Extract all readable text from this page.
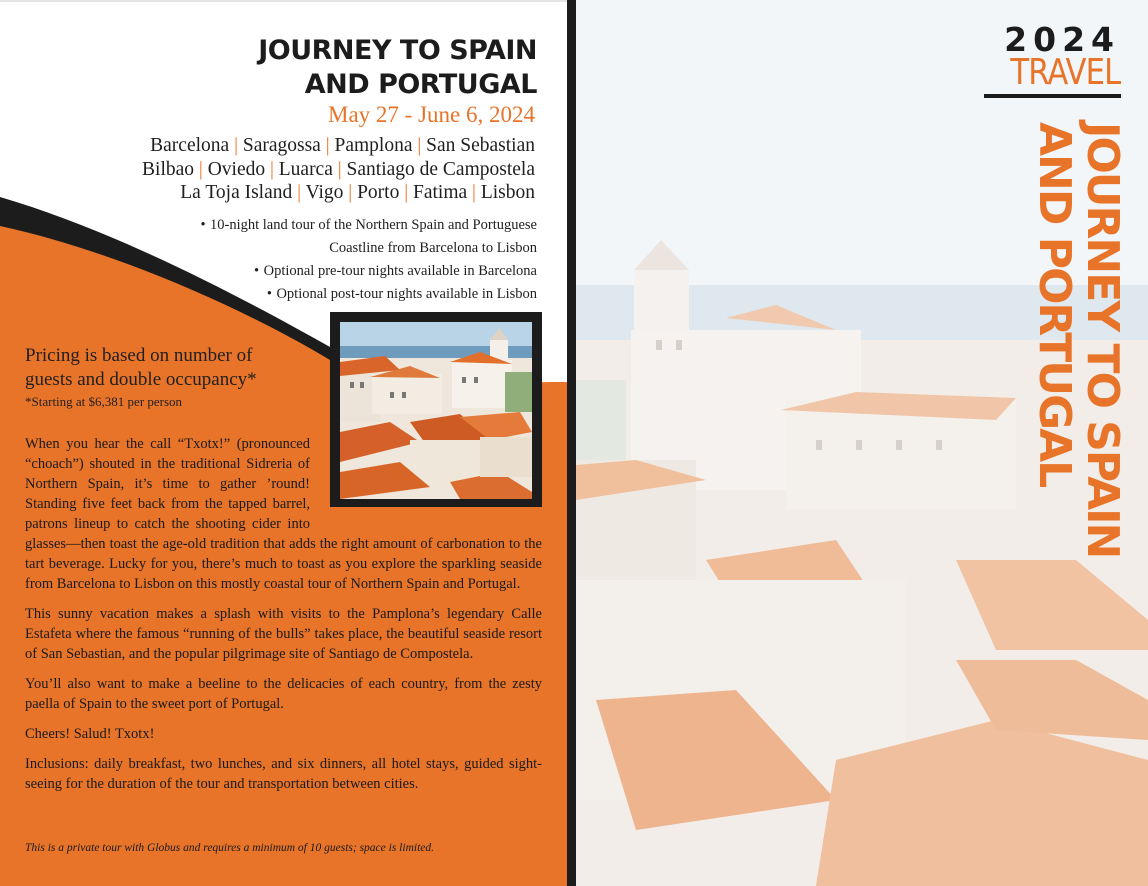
JOURNEY TO SPAIN
AND PORTUGAL
May 27 - June 6, 2024
Barcelona | Saragossa | Pamplona | San Sebastian
Bilbao | Oviedo | Luarca | Santiago de Campostela
La Toja Island | Vigo | Porto | Fatima | Lisbon
• 10-night land tour of the Northern Spain and Portuguese
Coastline from Barcelona to Lisbon
• Optional pre-tour nights available in Barcelona
• Optional post-tour nights available in Lisbon
Pricing is based on number of
guests and double occupancy*
*Starting at $6,381 per person

When you hear the call “Txotx!” (pronounced “choach”) shouted in the traditional Sidreria of Northern Spain, it’s time to gather ’round! Standing five feet back from the tapped barrel, patrons lineup to catch the shooting cider into glasses—then toast the age-old tradition that adds the right amount of carbonation to the tart beverage. Lucky for you, there’s much to toast as you explore the sparkling seaside from Barcelona to Lisbon on this mostly coastal tour of Northern Spain and Portugal.

This sunny vacation makes a splash with visits to the Pamplona’s legendary Calle Estafeta where the famous “running of the bulls” takes place, the beautiful seaside resort of San Sebastian, and the popular pilgrimage site of Santiago de Compostela.

You’ll also want to make a beeline to the delicacies of each country, from the zesty paella of Spain to the sweet port of Portugal.

Cheers! Salud! Txotx!

Inclusions: daily breakfast, two lunches, and six dinners, all hotel stays, guided sight-seeing for the duration of the tour and transportation between cities.

This is a private tour with Globus and requires a minimum of 10 guests; space is limited.
2024
TRAVEL
JOURNEY TO SPAIN
AND PORTUGAL
